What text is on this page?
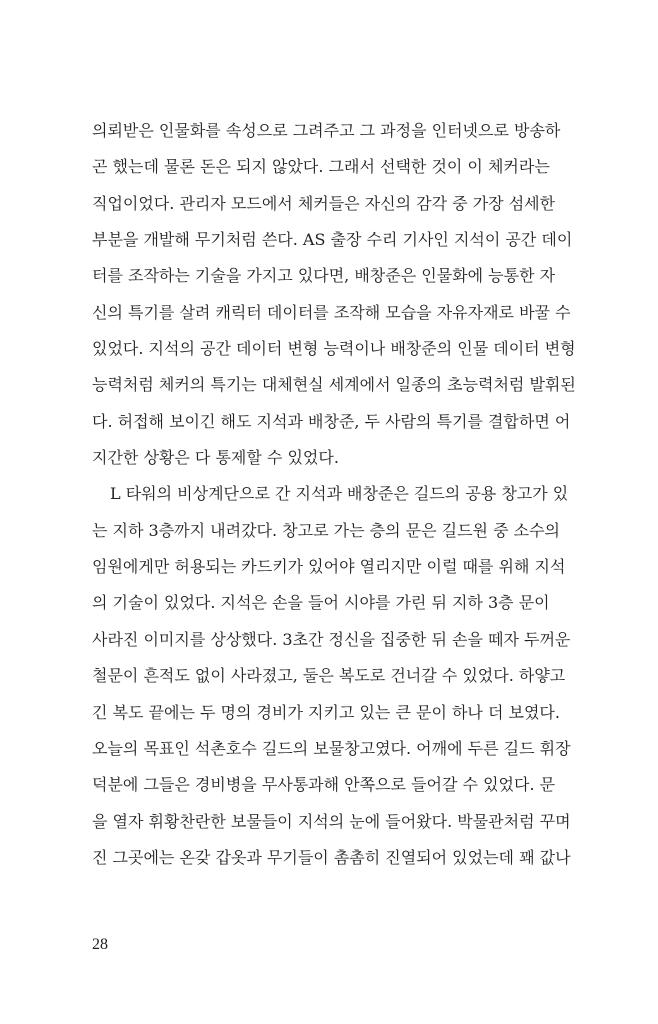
의뢰받은 인물화를 속성으로 그려주고 그 과정을 인터넷으로 방송하
곤 했는데 물론 돈은 되지 않았다. 그래서 선택한 것이 이 체커라는
직업이었다. 관리자 모드에서 체커들은 자신의 감각 중 가장 섬세한
부분을 개발해 무기처럼 쓴다. AS 출장 수리 기사인 지석이 공간 데이
터를 조작하는 기술을 가지고 있다면, 배창준은 인물화에 능통한 자
신의 특기를 살려 캐릭터 데이터를 조작해 모습을 자유자재로 바꿀 수
있었다. 지석의 공간 데이터 변형 능력이나 배창준의 인물 데이터 변형
능력처럼 체커의 특기는 대체현실 세계에서 일종의 초능력처럼 발휘된
다. 허접해 보이긴 해도 지석과 배창준, 두 사람의 특기를 결합하면 어
지간한 상황은 다 통제할 수 있었다.
L 타워의 비상계단으로 간 지석과 배창준은 길드의 공용 창고가 있
는 지하 3층까지 내려갔다. 창고로 가는 층의 문은 길드원 중 소수의
임원에게만 허용되는 카드키가 있어야 열리지만 이럴 때를 위해 지석
의 기술이 있었다. 지석은 손을 들어 시야를 가린 뒤 지하 3층 문이
사라진 이미지를 상상했다. 3초간 정신을 집중한 뒤 손을 떼자 두꺼운
철문이 흔적도 없이 사라졌고, 둘은 복도로 건너갈 수 있었다. 하얗고
긴 복도 끝에는 두 명의 경비가 지키고 있는 큰 문이 하나 더 보였다.
오늘의 목표인 석촌호수 길드의 보물창고였다. 어깨에 두른 길드 휘장
덕분에 그들은 경비병을 무사통과해 안쪽으로 들어갈 수 있었다. 문
을 열자 휘황찬란한 보물들이 지석의 눈에 들어왔다. 박물관처럼 꾸며
진 그곳에는 온갖 갑옷과 무기들이 촘촘히 진열되어 있었는데 꽤 값나
28
